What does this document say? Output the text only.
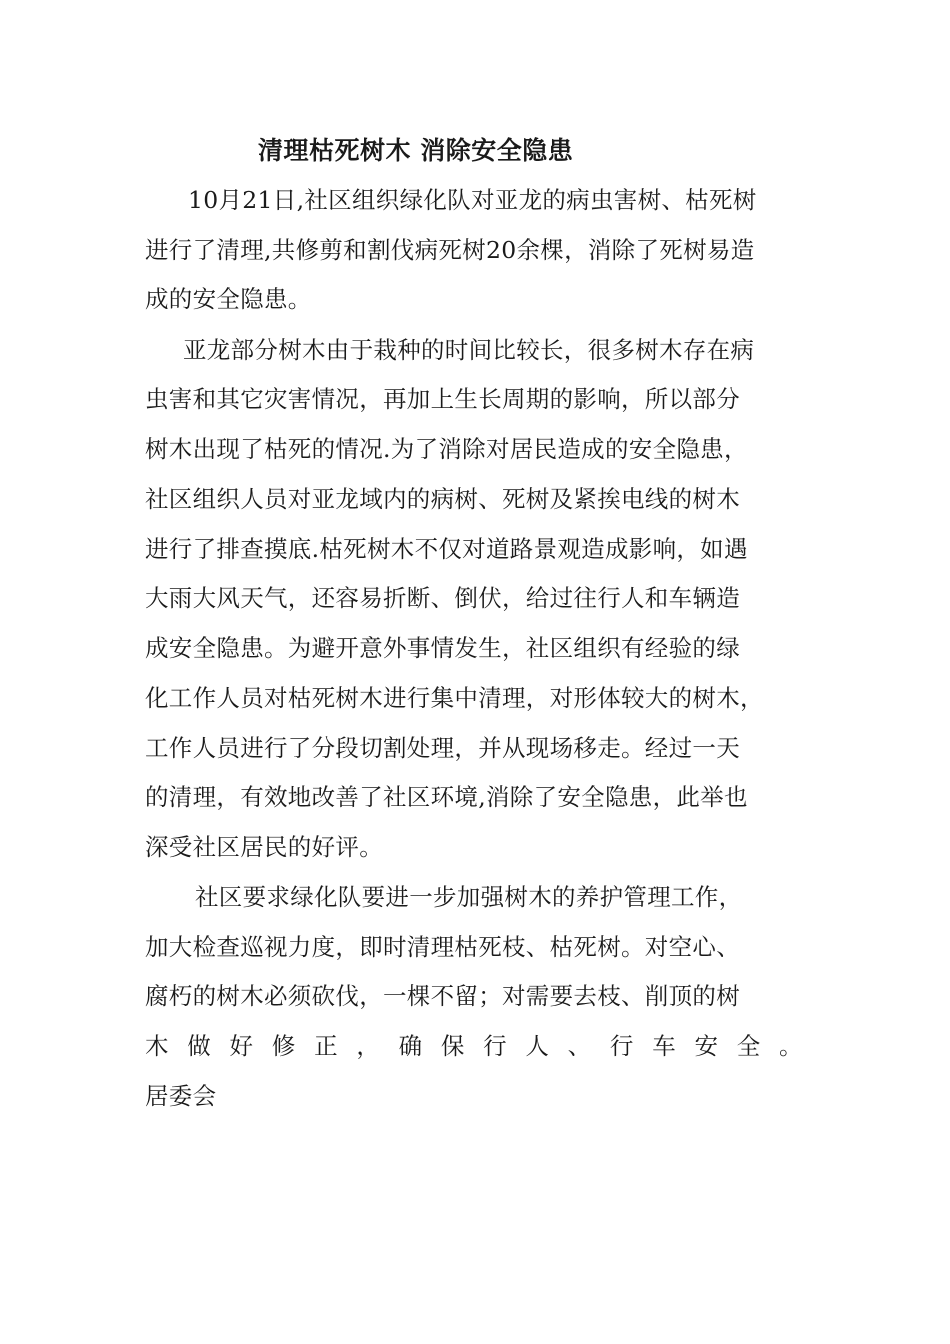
清理枯死树木 消除安全隐患
10月21日,社区组织绿化队对亚龙的病虫害树、枯死树
进行了清理,共修剪和割伐病死树20余棵，消除了死树易造
成的安全隐患。
亚龙部分树木由于栽种的时间比较长，很多树木存在病
虫害和其它灾害情况，再加上生长周期的影响，所以部分
树木出现了枯死的情况.为了消除对居民造成的安全隐患，
社区组织人员对亚龙域内的病树、死树及紧挨电线的树木
进行了排查摸底.枯死树木不仅对道路景观造成影响，如遇
大雨大风天气，还容易折断、倒伏，给过往行人和车辆造
成安全隐患。为避开意外事情发生，社区组织有经验的绿
化工作人员对枯死树木进行集中清理，对形体较大的树木，
工作人员进行了分段切割处理，并从现场移走。经过一天
的清理，有效地改善了社区环境,消除了安全隐患，此举也
深受社区居民的好评。
社区要求绿化队要进一步加强树木的养护管理工作，
加大检查巡视力度，即时清理枯死枝、枯死树。对空心、
腐朽的树木必须砍伐，一棵不留；对需要去枝、削顶的树
木 做 好 修 正 ， 确 保 行 人 、 行 车 安 全 。
居委会
